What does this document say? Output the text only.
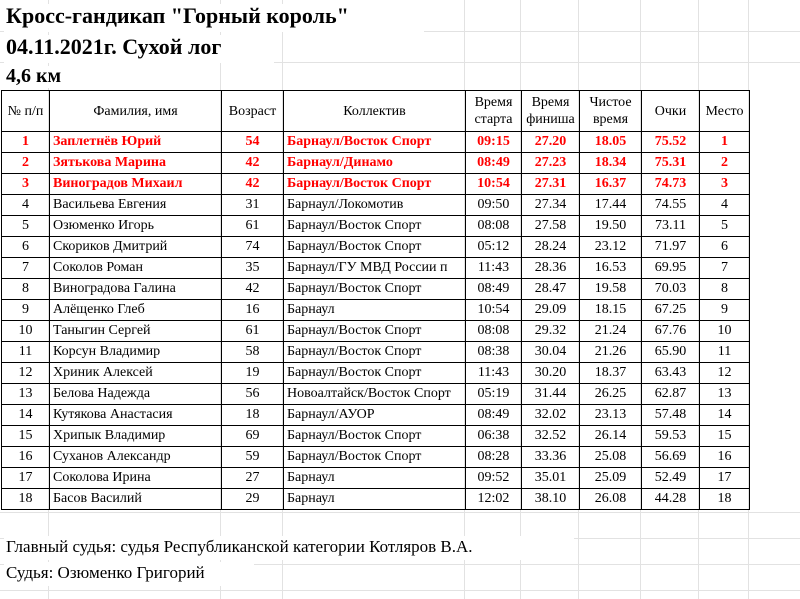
Кросс-гандикап "Горный король"
04.11.2021г. Сухой лог
4,6 км
№ п/п	Фамилия, имя	Возраст	Коллектив	Время старта	Время финиша	Чистое время	Очки	Место
1	Заплетнёв Юрий	54	Барнаул/Восток Спорт	09:15	27.20	18.05	75.52	1
2	Зятькова Марина	42	Барнаул/Динамо	08:49	27.23	18.34	75.31	2
3	Виноградов Михаил	42	Барнаул/Восток Спорт	10:54	27.31	16.37	74.73	3
4	Васильева Евгения	31	Барнаул/Локомотив	09:50	27.34	17.44	74.55	4
5	Озюменко Игорь	61	Барнаул/Восток Спорт	08:08	27.58	19.50	73.11	5
6	Скориков Дмитрий	74	Барнаул/Восток Спорт	05:12	28.24	23.12	71.97	6
7	Соколов Роман	35	Барнаул/ГУ МВД России п	11:43	28.36	16.53	69.95	7
8	Виноградова Галина	42	Барнаул/Восток Спорт	08:49	28.47	19.58	70.03	8
9	Алёщенко Глеб	16	Барнаул	10:54	29.09	18.15	67.25	9
10	Таныгин Сергей	61	Барнаул/Восток Спорт	08:08	29.32	21.24	67.76	10
11	Корсун Владимир	58	Барнаул/Восток Спорт	08:38	30.04	21.26	65.90	11
12	Хриник Алексей	19	Барнаул/Восток Спорт	11:43	30.20	18.37	63.43	12
13	Белова Надежда	56	Новоалтайск/Восток Спорт	05:19	31.44	26.25	62.87	13
14	Кутякова Анастасия	18	Барнаул/АУОР	08:49	32.02	23.13	57.48	14
15	Хрипык Владимир	69	Барнаул/Восток Спорт	06:38	32.52	26.14	59.53	15
16	Суханов Александр	59	Барнаул/Восток Спорт	08:28	33.36	25.08	56.69	16
17	Соколова Ирина	27	Барнаул	09:52	35.01	25.09	52.49	17
18	Басов Василий	29	Барнаул	12:02	38.10	26.08	44.28	18
Главный судья: судья Республиканской категории Котляров В.А.
Судья: Озюменко Григорий
